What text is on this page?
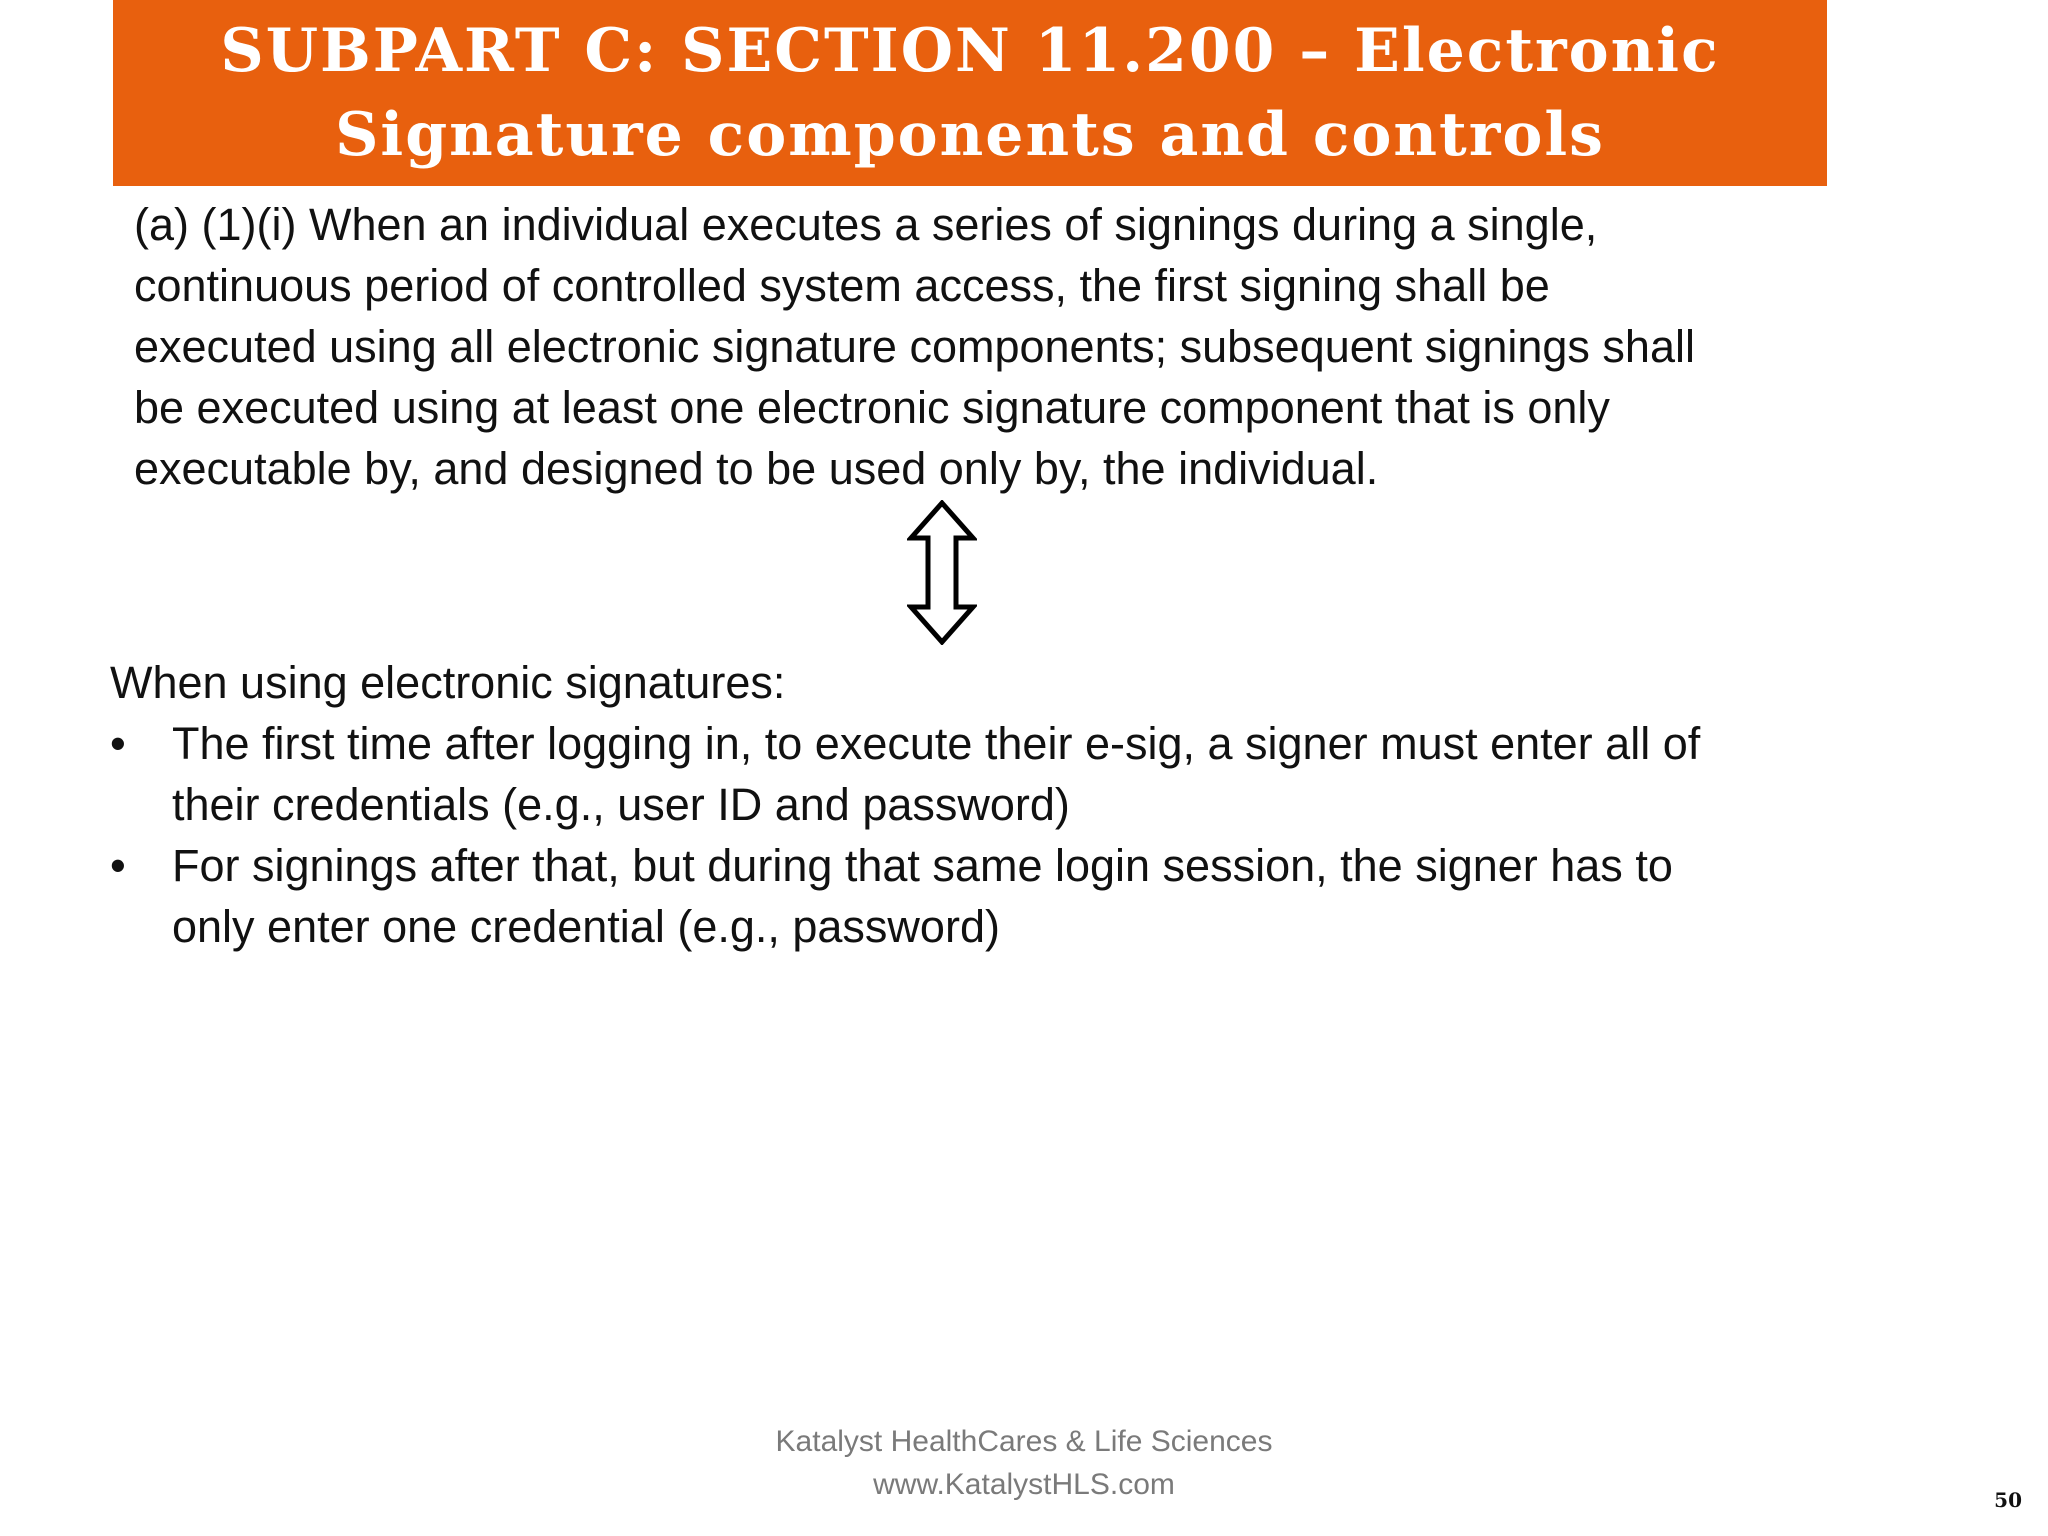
SUBPART C: SECTION 11.200 – Electronic
Signature components and controls
(a) (1)(i) When an individual executes a series of signings during a single,
continuous period of controlled system access, the first signing shall be
executed using all electronic signature components; subsequent signings shall
be executed using at least one electronic signature component that is only
executable by, and designed to be used only by, the individual.
When using electronic signatures:
•	The first time after logging in, to execute their e-sig, a signer must enter all of
their credentials (e.g., user ID and password)
•	For signings after that, but during that same login session, the signer has to
only enter one credential (e.g., password)
Katalyst HealthCares & Life Sciences
www.KatalystHLS.com	50
